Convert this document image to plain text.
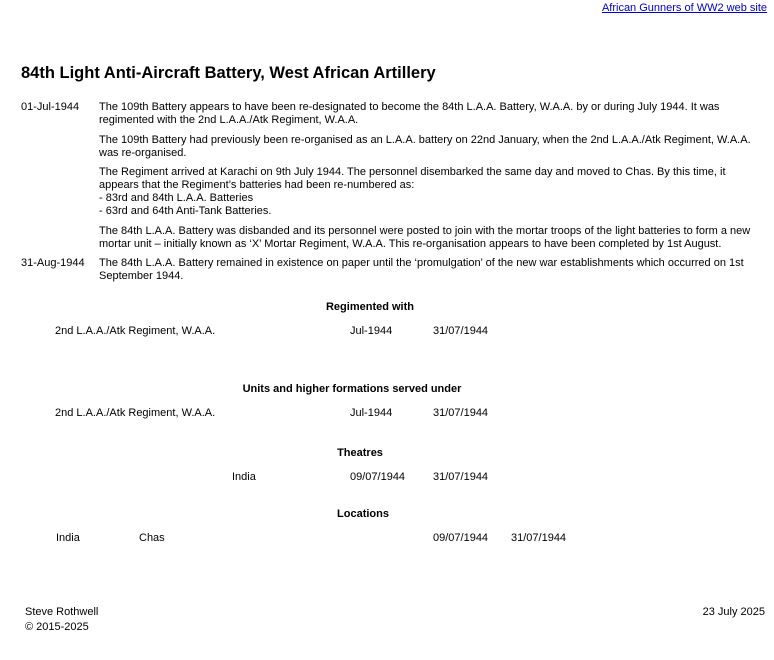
African Gunners of WW2 web site
84th Light Anti-Aircraft Battery, West African Artillery
01-Jul-1944 The 109th Battery appears to have been re-designated to become the 84th L.A.A. Battery, W.A.A. by or during July 1944. It was
regimented with the 2nd L.A.A./Atk Regiment, W.A.A.
The 109th Battery had previously been re-organised as an L.A.A. battery on 22nd January, when the 2nd L.A.A./Atk Regiment, W.A.A.
was re-organised.
The Regiment arrived at Karachi on 9th July 1944. The personnel disembarked the same day and moved to Chas. By this time, it
appears that the Regiment’s batteries had been re-numbered as:
- 83rd and 84th L.A.A. Batteries
- 63rd and 64th Anti-Tank Batteries.
The 84th L.A.A. Battery was disbanded and its personnel were posted to join with the mortar troops of the light batteries to form a new
mortar unit – initially known as ‘X’ Mortar Regiment, W.A.A. This re-organisation appears to have been completed by 1st August.
31-Aug-1944 The 84th L.A.A. Battery remained in existence on paper until the ‘promulgation’ of the new war establishments which occurred on 1st
September 1944.
Regimented with
2nd L.A.A./Atk Regiment, W.A.A.	Jul-1944	31/07/1944
Units and higher formations served under
2nd L.A.A./Atk Regiment, W.A.A.	Jul-1944	31/07/1944
Theatres
India	09/07/1944	31/07/1944
Locations
India	Chas	09/07/1944 31/07/1944
Steve Rothwell
© 2015-2025
23 July 2025
